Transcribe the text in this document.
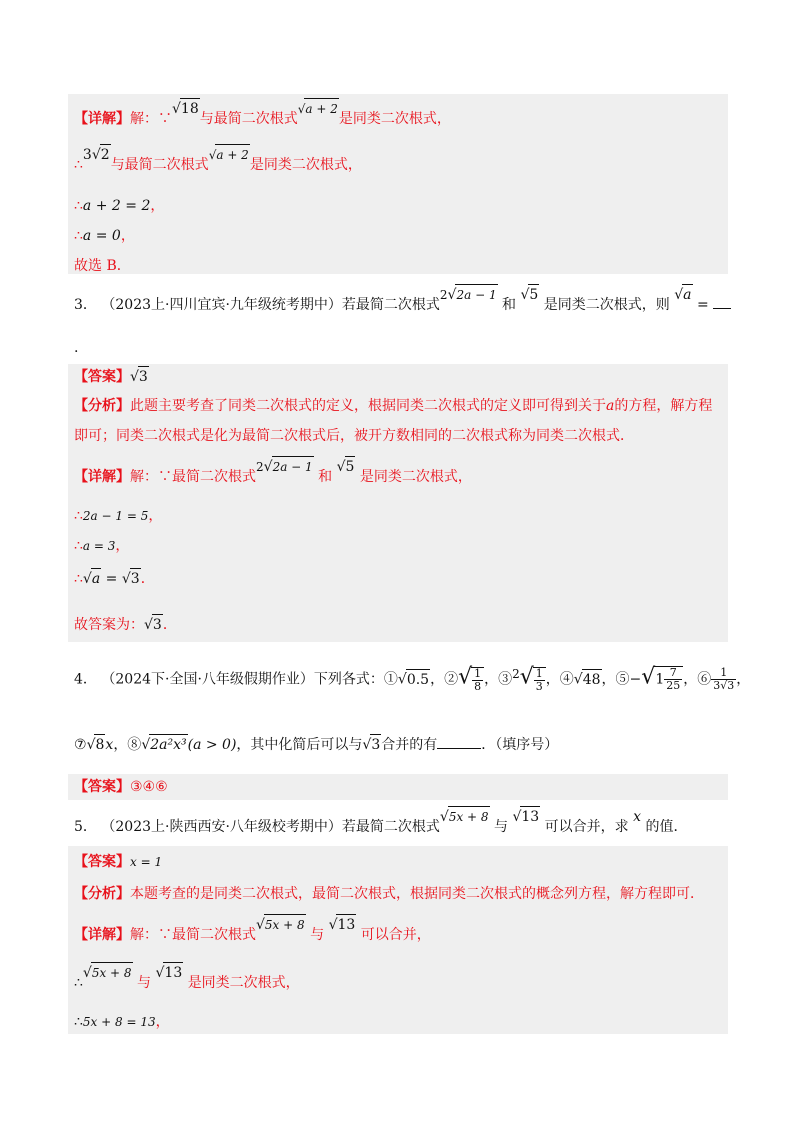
【详解】解：∵√18与最简二次根式√a + 2是同类二次根式，
∴3√2与最简二次根式√a + 2是同类二次根式，
∴a + 2 = 2，
∴a = 0，
故选 B．
3． （2023上·四川宜宾·九年级统考期中）若最简二次根式2√2a − 1 和 √5 是同类二次根式，则 √a =
.
【答案】√3
【分析】此题主要考查了同类二次根式的定义，根据同类二次根式的定义即可得到关于a的方程，解方程
即可；同类二次根式是化为最简二次根式后，被开方数相同的二次根式称为同类二次根式．
【详解】解：∵最简二次根式2√2a − 1 和 √5 是同类二次根式，
∴2a − 1 = 5，
∴a = 3，
∴√a = √3．
故答案为：√3．
4． （2024下·全国·八年级假期作业）下列各式：①√0.5，②√ $\frac{1}{8}$ ，③$^2$√ $\frac{1}{3}$ ，④√48，⑤−√1 $\frac{7}{25}$ ，⑥ $\frac{1}{3√3}$ ，
⑦√8x，⑧√2a²x³(a > 0)，其中化简后可以与√3合并的有	．（填序号）
【答案】③④⑥
5． （2023上·陕西西安·八年级校考期中）若最简二次根式√5x + 8 与 √13 可以合并，求 x 的值．
【答案】x = 1
【分析】本题考查的是同类二次根式，最简二次根式，根据同类二次根式的概念列方程，解方程即可．
【详解】解：∵最简二次根式√5x + 8 与 √13 可以合并，
∴√5x + 8 与 √13 是同类二次根式，
∴5x + 8 = 13，
